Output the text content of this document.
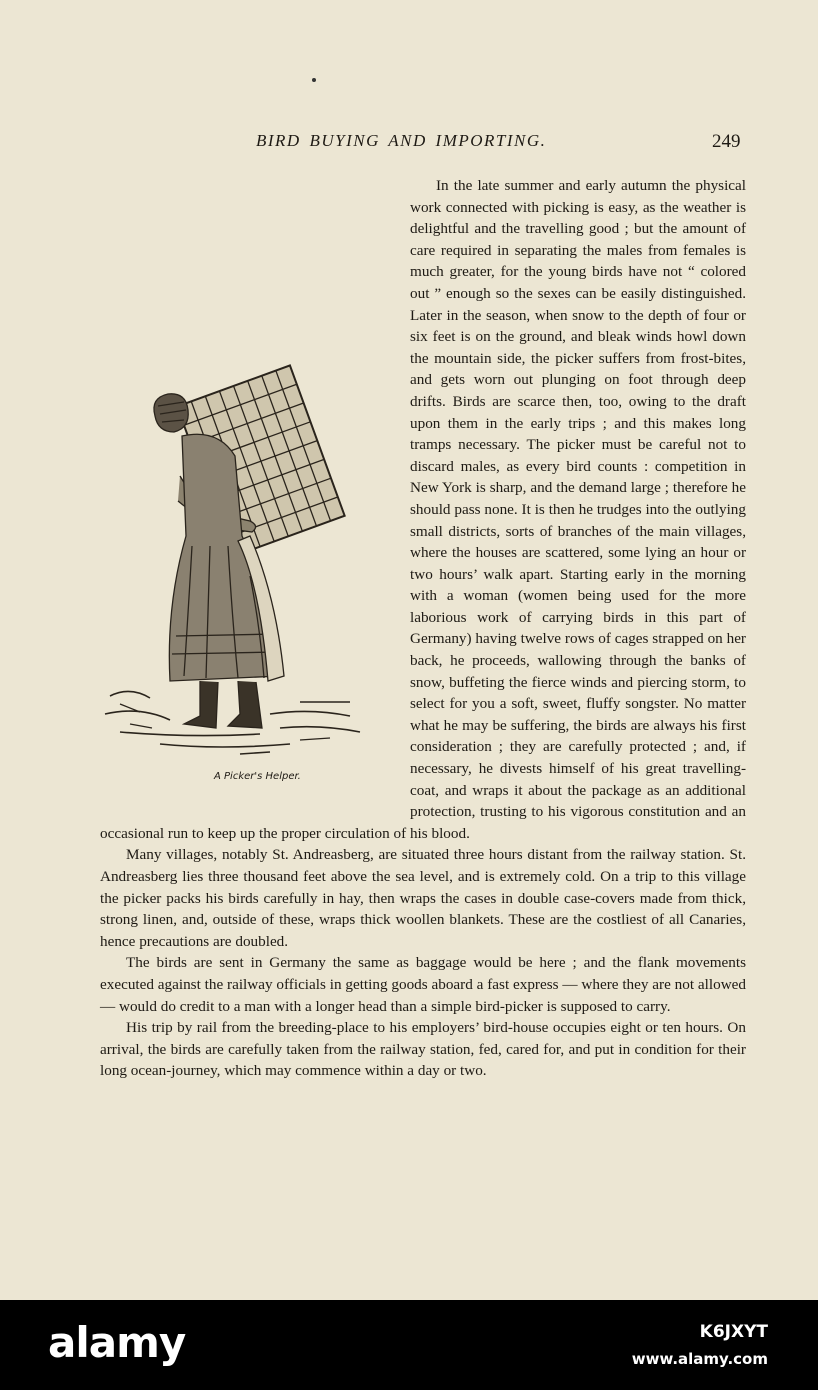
BIRD BUYING AND IMPORTING.	249

A Picker's Helper.
In the late summer and early autumn the physical work connected with picking is easy, as the weather is delightful and the travelling good ; but the amount of care required in separating the males from females is much greater, for the young birds have not “ colored out ” enough so the sexes can be easily distinguished. Later in the season, when snow to the depth of four or six feet is on the ground, and bleak winds howl down the mountain side, the picker suffers from frost-bites, and gets worn out plunging on foot through deep drifts. Birds are scarce then, too, owing to the draft upon them in the early trips ; and this makes long tramps necessary. The picker must be careful not to discard males, as every bird counts : competition in New York is sharp, and the demand large ; therefore he should pass none. It is then he trudges into the outlying small districts, sorts of branches of the main villages, where the houses are scattered, some lying an hour or two hours’ walk apart. Starting early in the morning with a woman (women being used for the more laborious work of carrying birds in this part of Germany) having twelve rows of cages strapped on her back, he proceeds, wallowing through the banks of snow, buffeting the fierce winds and piercing storm, to select for you a soft, sweet, fluffy songster. No matter what he may be suffering, the birds are always his first consideration ; they are carefully protected ; and, if necessary, he divests himself of his great travelling-coat, and wraps it about the package as an additional protection, trusting to his vigorous constitution and an occasional run to keep up the proper circulation of his blood.

Many villages, notably St. Andreasberg, are situated three hours distant from the railway station. St. Andreasberg lies three thousand feet above the sea level, and is extremely cold. On a trip to this village the picker packs his birds carefully in hay, then wraps the cases in double case-covers made from thick, strong linen, and, outside of these, wraps thick woollen blankets. These are the costliest of all Canaries, hence precautions are doubled.

The birds are sent in Germany the same as baggage would be here ; and the flank movements executed against the railway officials in getting goods aboard a fast express — where they are not allowed — would do credit to a man with a longer head than a simple bird-picker is supposed to carry.

His trip by rail from the breeding-place to his employers’ bird-house occupies eight or ten hours. On arrival, the birds are carefully taken from the railway station, fed, cared for, and put in condition for their long ocean-journey, which may commence within a day or two.

alamy	K6JXYT
www.alamy.com
